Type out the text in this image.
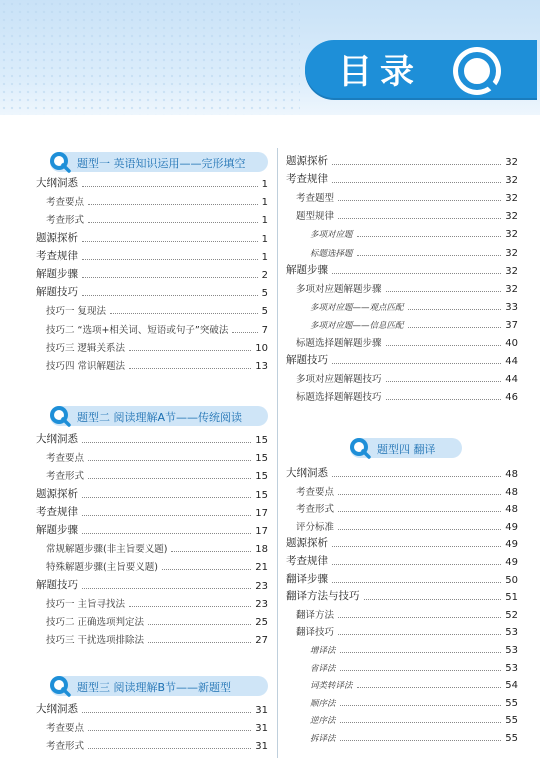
目录
题型一 英语知识运用——完形填空
大纲洞悉	1
考查要点	1
考查形式	1
题源探析	1
考查规律	1
解题步骤	2
解题技巧	5
技巧一 复现法	5
技巧二 “选项+相关词、短语或句子”突破法	7
技巧三 逻辑关系法	10
技巧四 常识解题法	13
题型二 阅读理解A节——传统阅读
大纲洞悉	15
考查要点	15
考查形式	15
题源探析	15
考查规律	17
解题步骤	17
常规解题步骤(非主旨要义题)	18
特殊解题步骤(主旨要义题)	21
解题技巧	23
技巧一 主旨寻找法	23
技巧二 正确选项判定法	25
技巧三 干扰选项排除法	27
题型三 阅读理解B节——新题型
大纲洞悉	31
考查要点	31
考查形式	31
题源探析	32
考查规律	32
考查题型	32
题型规律	32
多项对应题	32
标题选择题	32
解题步骤	32
多项对应题解题步骤	32
多项对应题——观点匹配	33
多项对应题——信息匹配	37
标题选择题解题步骤	40
解题技巧	44
多项对应题解题技巧	44
标题选择题解题技巧	46
题型四 翻译
大纲洞悉	48
考查要点	48
考查形式	48
评分标准	49
题源探析	49
考查规律	49
翻译步骤	50
翻译方法与技巧	51
翻译方法	52
翻译技巧	53
增译法	53
省译法	53
词类转译法	54
顺序法	55
逆序法	55
拆译法	55
